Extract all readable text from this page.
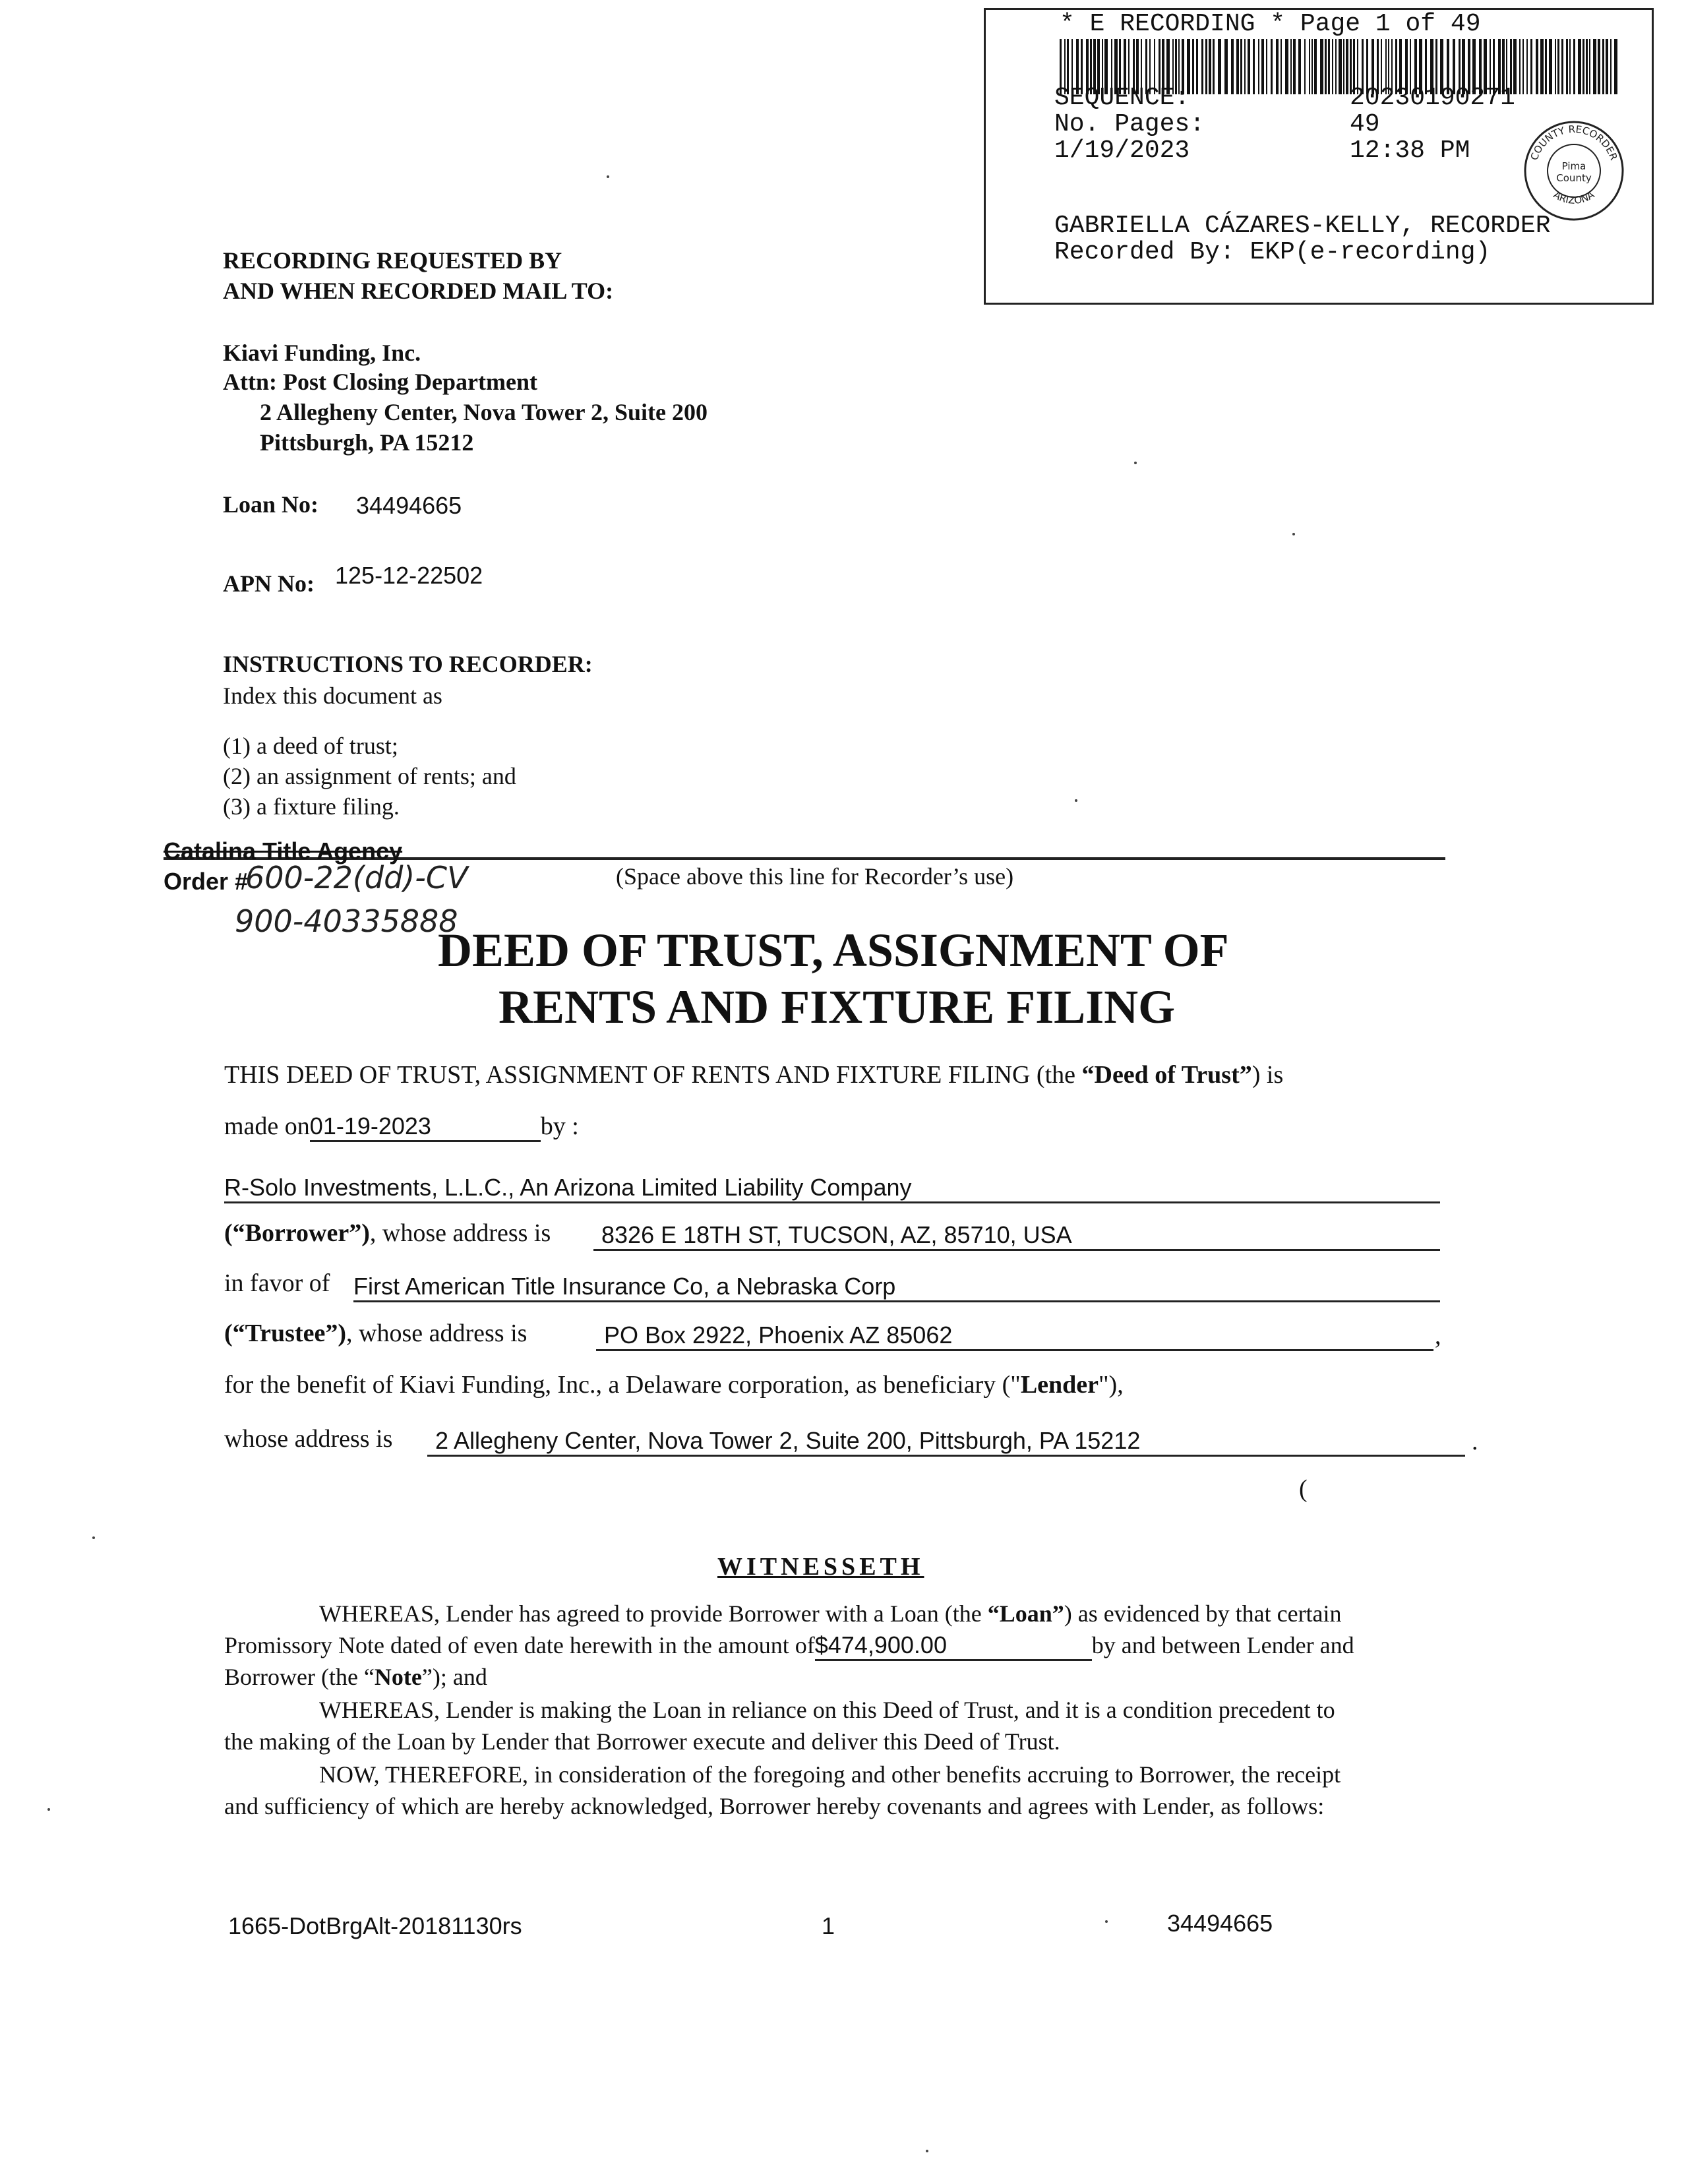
* E RECORDING * Page 1 of 49
SEQUENCE:	20230190271
No. Pages:	49
1/19/2023	12:38 PM
GABRIELLA CÁZARES-KELLY, RECORDER
Recorded By: EKP(e-recording)
COUNTY RECORDER
ARIZONA
Pima
County
RECORDING REQUESTED BY
AND WHEN RECORDED MAIL TO:
Kiavi Funding, Inc.
Attn: Post Closing Department
2 Allegheny Center, Nova Tower 2, Suite 200
Pittsburgh, PA 15212
Loan No: 34494665
APN No: 125-12-22502
INSTRUCTIONS TO RECORDER:
Index this document as
(1) a deed of trust;
(2) an assignment of rents; and
(3) a fixture filing.
Catalina Title Agency
Order #
600-22(dd)-CV
900-40335888
(Space above this line for Recorder’s use)
DEED OF TRUST, ASSIGNMENT OF
RENTS AND FIXTURE FILING
THIS DEED OF TRUST, ASSIGNMENT OF RENTS AND FIXTURE FILING (the “Deed of Trust”) is
made on01-19-2023	by :
R-Solo Investments, L.L.C., An Arizona Limited Liability Company
(“Borrower”), whose address is	8326 E 18TH ST, TUCSON, AZ, 85710, USA
in favor of First American Title Insurance Co, a Nebraska Corp
(“Trustee”), whose address is	PO Box 2922, Phoenix AZ 85062	,
for the benefit of Kiavi Funding, Inc., a Delaware corporation, as beneficiary ("Lender"),
whose address is	2 Allegheny Center, Nova Tower 2, Suite 200, Pittsburgh, PA 15212	.
(
WITNESSETH
WHEREAS, Lender has agreed to provide Borrower with a Loan (the “Loan”) as evidenced by that certain
Promissory Note dated of even date herewith in the amount of$474,900.00	by and between Lender and
Borrower (the “Note”); and
WHEREAS, Lender is making the Loan in reliance on this Deed of Trust, and it is a condition precedent to
the making of the Loan by Lender that Borrower execute and deliver this Deed of Trust.
NOW, THEREFORE, in consideration of the foregoing and other benefits accruing to Borrower, the receipt
and sufficiency of which are hereby acknowledged, Borrower hereby covenants and agrees with Lender, as follows:
1665-DotBrgAlt-20181130rs	1	34494665
